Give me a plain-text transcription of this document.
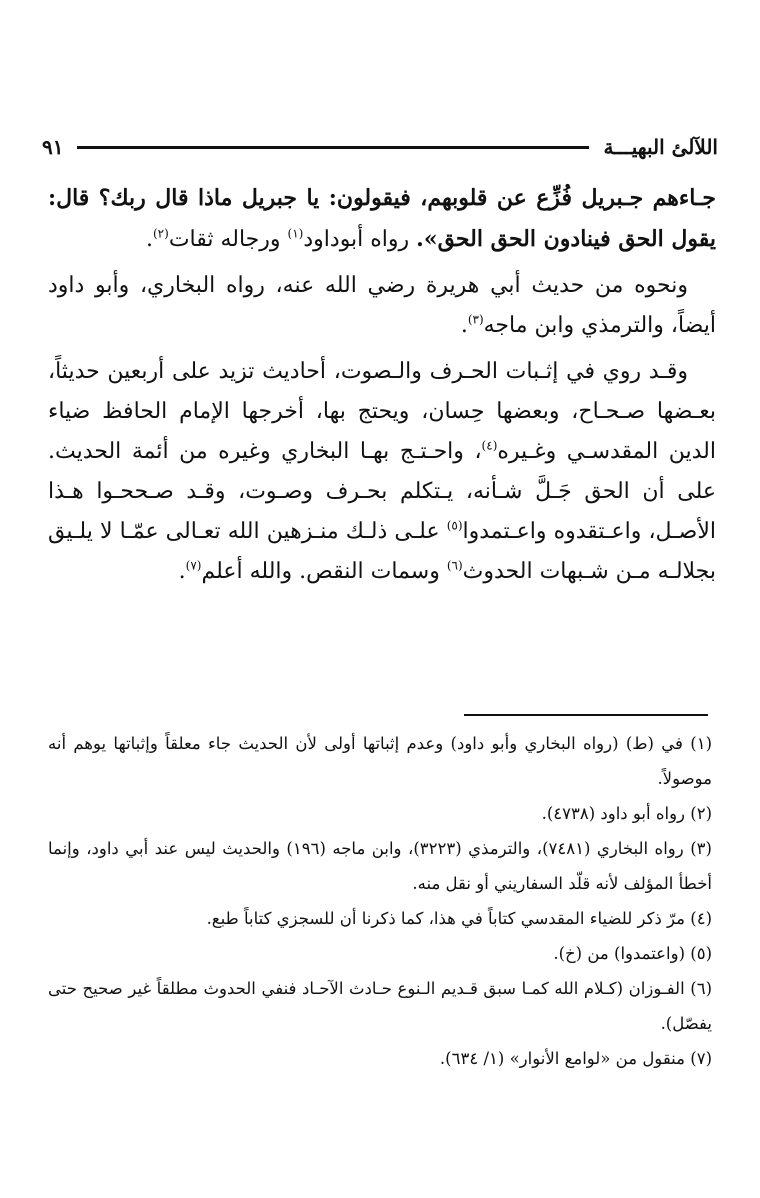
اللآلئ البهيـــة
٩١

جـاءهم جـبريل فُزِّع عن قلوبهم، فيقولون: يا جبريل ماذا قال ربك؟ قال: يقول الحق فينادون الحق الحق». رواه أبوداود$^{(١)}$ ورجاله ثقات$^{(٢)}$.

ونحوه من حديث أبي هريرة رضي الله عنه، رواه البخاري، وأبو داود أيضاً، والترمذي وابن ماجه$^{(٣)}$.

وقـد روي في إثـبات الحـرف والـصوت، أحاديث تزيد على أربعين حديثاً، بعـضها صـحـاح، وبعضها حِسان، ويحتج بها، أخرجها الإمام الحافظ ضياء الدين المقدسـي وغـيره$^{(٤)}$، واحـتـج بهـا البخاري وغيره من أئمة الحديث. على أن الحق جَـلَّ شـأنه، يـتكلم بحـرف وصـوت، وقـد صـححـوا هـذا الأصـل، واعـتقدوه واعـتمدوا$^{(٥)}$ علـى ذلـك منـزهين الله تعـالى عمّـا لا يلـيق بجلالـه مـن شـبهات الحدوث$^{(٦)}$ وسمات النقص. والله أعلم$^{(٧)}$.

(١) في (ط) (رواه البخاري وأبو داود) وعدم إثباتها أولى لأن الحديث جاء معلقاً وإثباتها يوهم أنه موصولاً.

(٢) رواه أبو داود (٤٧٣٨).

(٣) رواه البخاري (٧٤٨١)، والترمذي (٣٢٢٣)، وابن ماجه (١٩٦) والحديث ليس عند أبي داود، وإنما أخطأ المؤلف لأنه قلّد السفاريني أو نقل منه.

(٤) مرّ ذكر للضياء المقدسي كتاباً في هذا، كما ذكرنا أن للسجزي كتاباً طبع.

(٥) (واعتمدوا) من (خ).

(٦) الفـوزان (كـلام الله كمـا سبق قـديم الـنوع حـادث الآحـاد فنفي الحدوث مطلقاً غير صحيح حتى يفصّل).

(٧) منقول من «لوامع الأنوار» (١/ ٦٣٤).
